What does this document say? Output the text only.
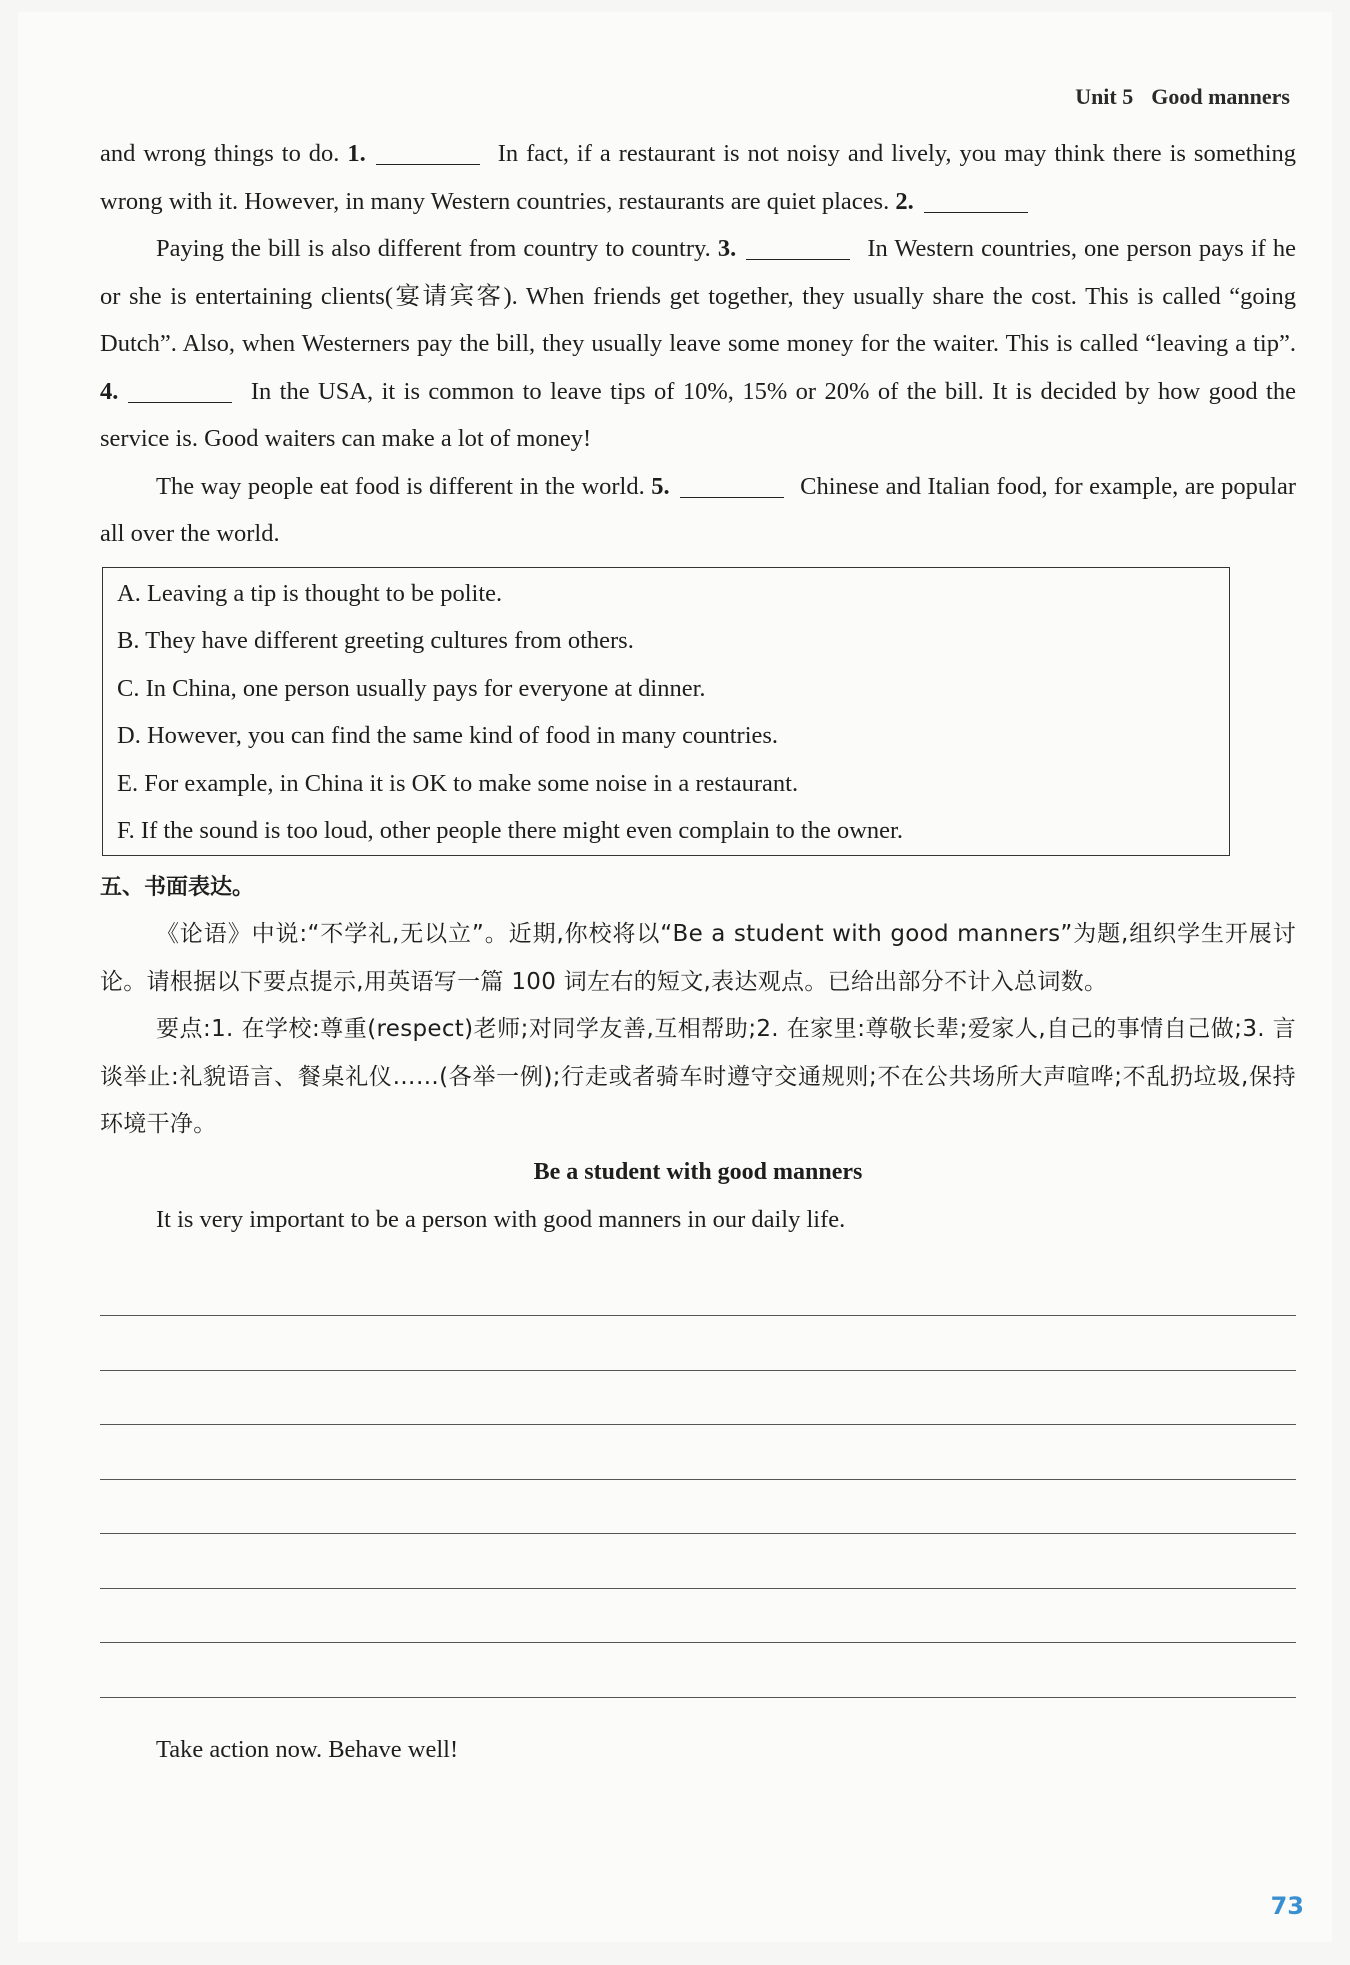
Unit 5 Good manners

and wrong things to do. 1.	In fact, if a restaurant is not noisy and lively, you may think there is something wrong with it. However, in many Western countries, restaurants are quiet places. 2.

Paying the bill is also different from country to country. 3.	In Western countries, one person pays if he or she is entertaining clients(宴请宾客). When friends get together, they usually share the cost. This is called “going Dutch”. Also, when Westerners pay the bill, they usually leave some money for the waiter. This is called “leaving a tip”. 4.	In the USA, it is common to leave tips of 10%, 15% or 20% of the bill. It is decided by how good the service is. Good waiters can make a lot of money!

The way people eat food is different in the world. 5.	Chinese and Italian food, for example, are popular all over the world.

A. Leaving a tip is thought to be polite.
B. They have different greeting cultures from others.
C. In China, one person usually pays for everyone at dinner.
D. However, you can find the same kind of food in many countries.
E. For example, in China it is OK to make some noise in a restaurant.
F. If the sound is too loud, other people there might even complain to the owner.
五、书面表达。

《论语》中说:“不学礼,无以立”。近期,你校将以“Be a student with good manners”为题,组织学生开展讨论。请根据以下要点提示,用英语写一篇 100 词左右的短文,表达观点。已给出部分不计入总词数。

要点:1. 在学校:尊重(respect)老师;对同学友善,互相帮助;2. 在家里:尊敬长辈;爱家人,自己的事情自己做;3. 言谈举止:礼貌语言、餐桌礼仪……(各举一例);行走或者骑车时遵守交通规则;不在公共场所大声喧哗;不乱扔垃圾,保持环境干净。

Be a student with good manners

It is very important to be a person with good manners in our daily life.

Take action now. Behave well!

73
